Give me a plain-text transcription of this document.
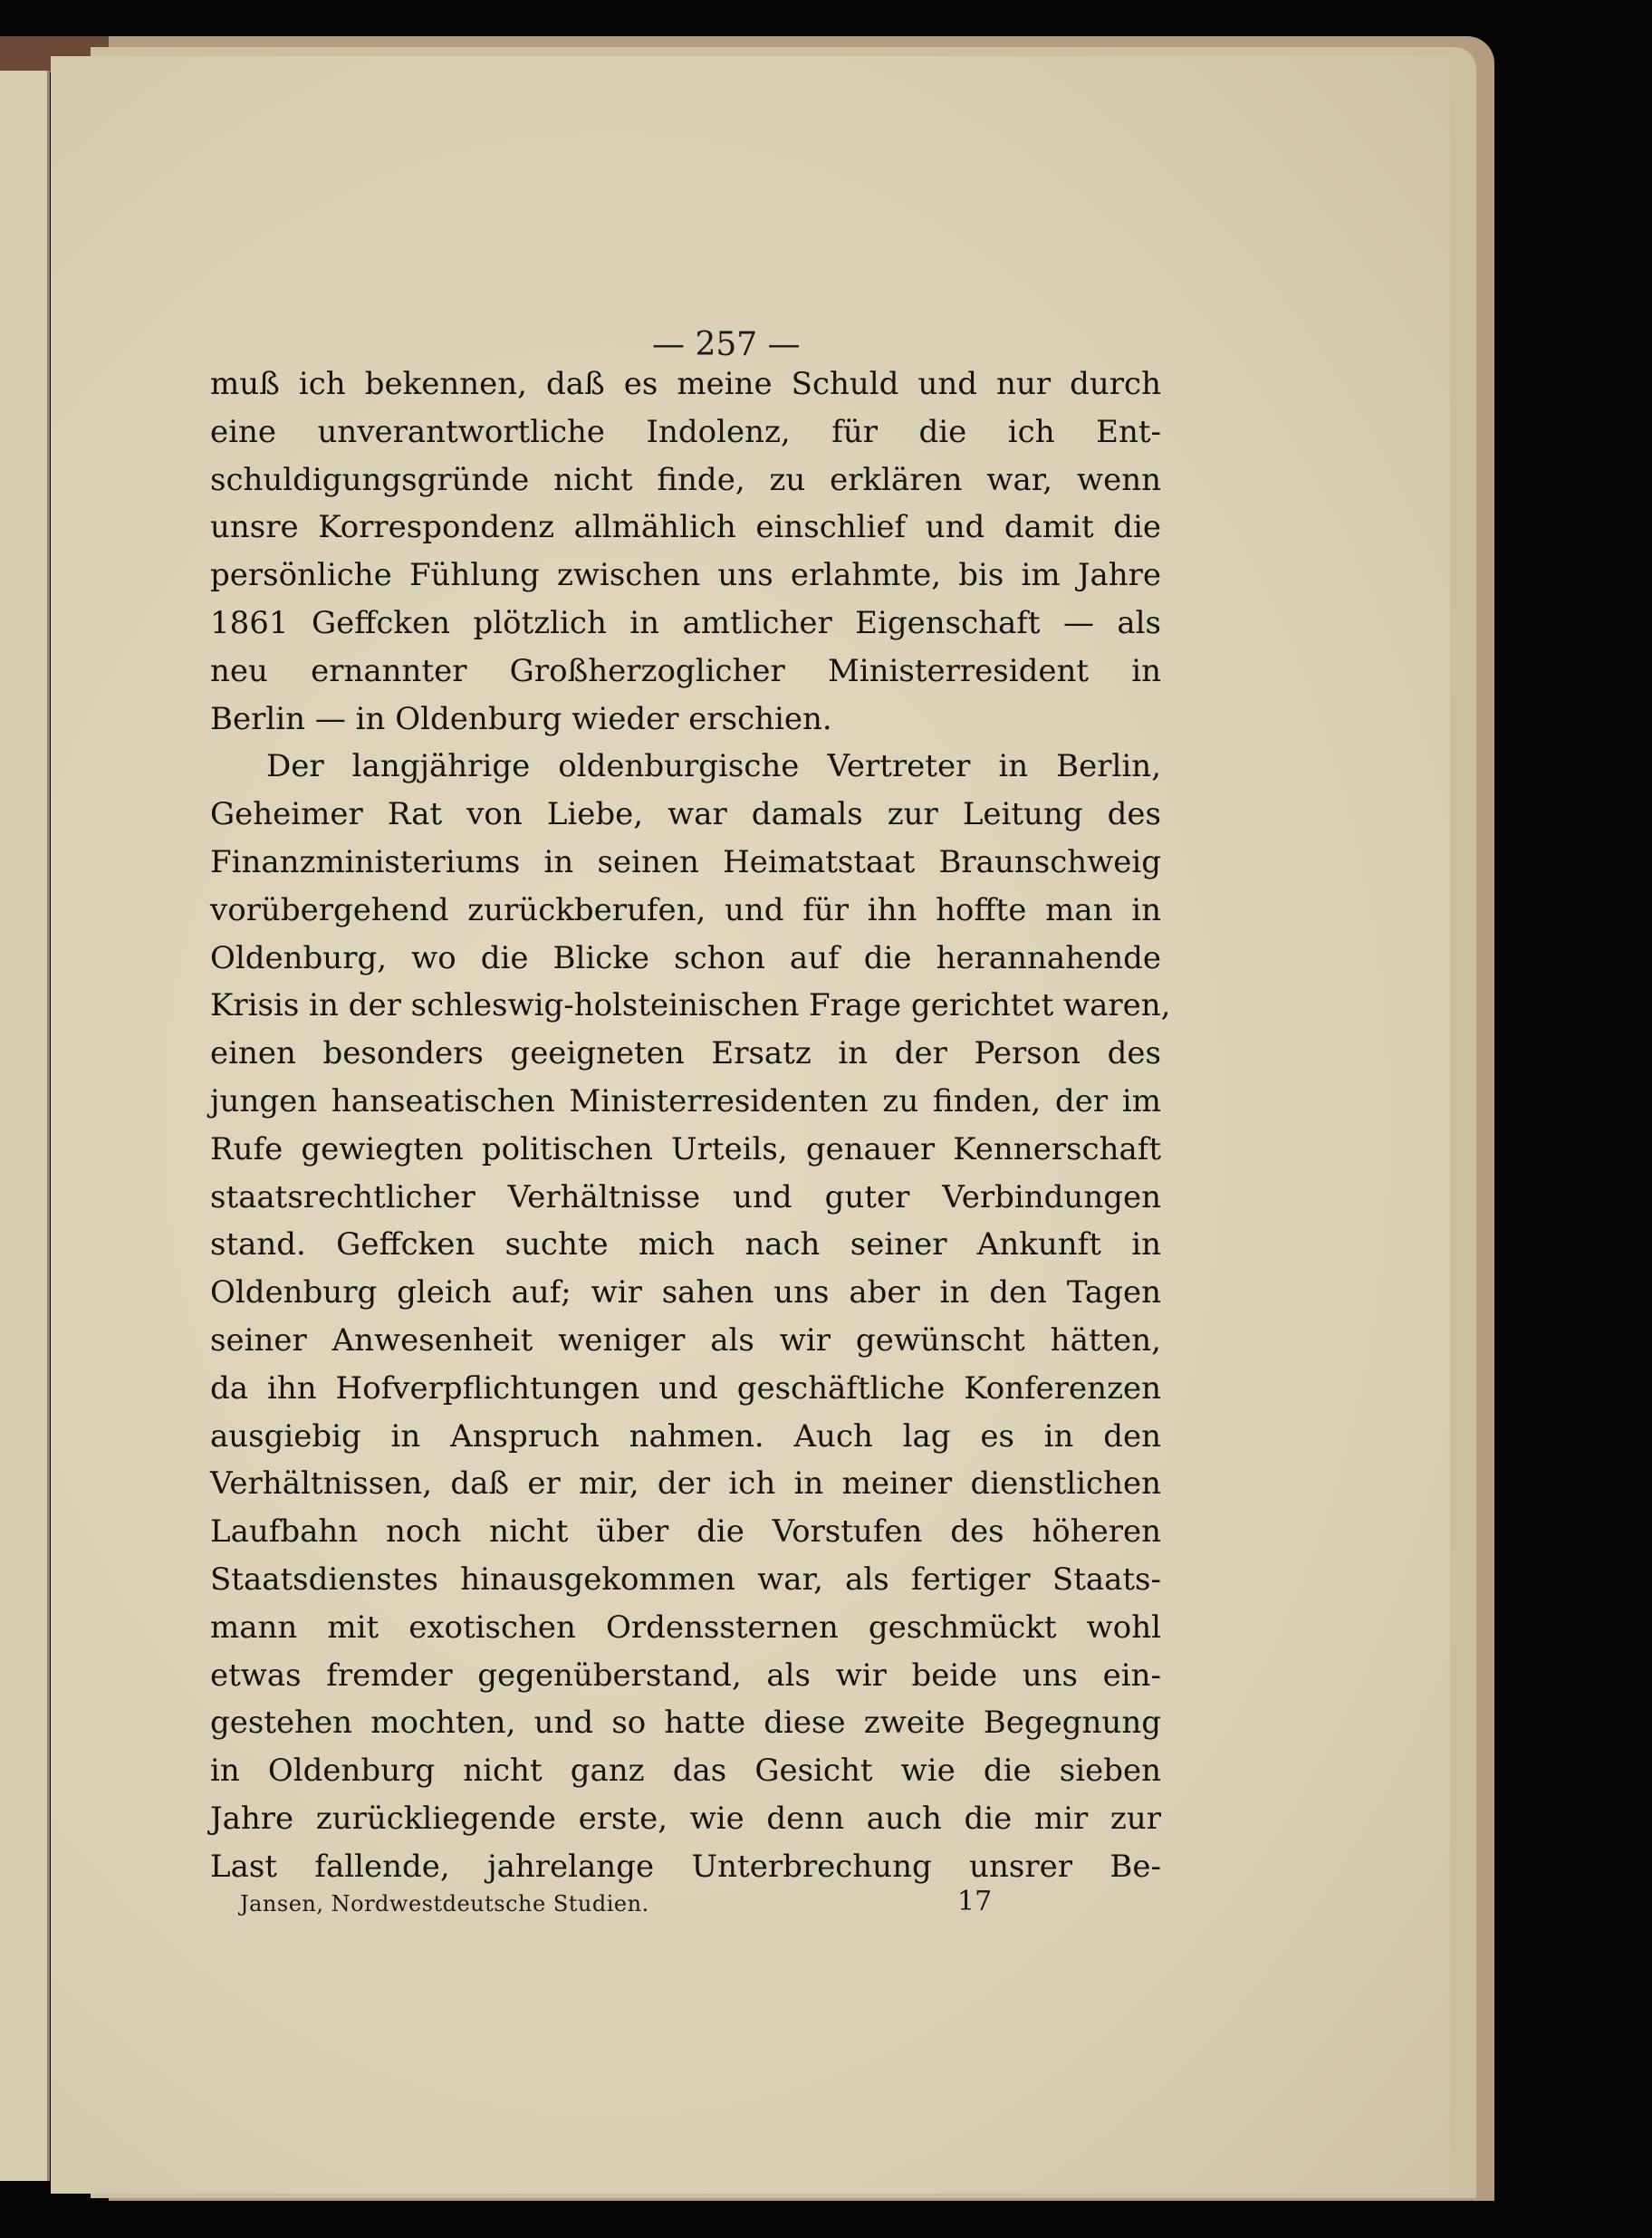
— 257 —
muß ich bekennen, daß es meine Schuld und nur durch
eine unverantwortliche Indolenz, für die ich Ent-
schuldigungsgründe nicht finde, zu erklären war, wenn
unsre Korrespondenz allmählich einschlief und damit die
persönliche Fühlung zwischen uns erlahmte, bis im Jahre
1861 Geffcken plötzlich in amtlicher Eigenschaft — als
neu ernannter Großherzoglicher Ministerresident in
Berlin — in Oldenburg wieder erschien.
Der langjährige oldenburgische Vertreter in Berlin,
Geheimer Rat von Liebe, war damals zur Leitung des
Finanzministeriums in seinen Heimatstaat Braunschweig
vorübergehend zurückberufen, und für ihn hoffte man in
Oldenburg, wo die Blicke schon auf die herannahende
Krisis in der schleswig-holsteinischen Frage gerichtet waren,
einen besonders geeigneten Ersatz in der Person des
jungen hanseatischen Ministerresidenten zu finden, der im
Rufe gewiegten politischen Urteils, genauer Kennerschaft
staatsrechtlicher Verhältnisse und guter Verbindungen
stand. Geffcken suchte mich nach seiner Ankunft in
Oldenburg gleich auf; wir sahen uns aber in den Tagen
seiner Anwesenheit weniger als wir gewünscht hätten,
da ihn Hofverpflichtungen und geschäftliche Konferenzen
ausgiebig in Anspruch nahmen. Auch lag es in den
Verhältnissen, daß er mir, der ich in meiner dienstlichen
Laufbahn noch nicht über die Vorstufen des höheren
Staatsdienstes hinausgekommen war, als fertiger Staats-
mann mit exotischen Ordenssternen geschmückt wohl
etwas fremder gegenüberstand, als wir beide uns ein-
gestehen mochten, und so hatte diese zweite Begegnung
in Oldenburg nicht ganz das Gesicht wie die sieben
Jahre zurückliegende erste, wie denn auch die mir zur
Last fallende, jahrelange Unterbrechung unsrer Be-
Jansen, Nordwestdeutsche Studien.	17
